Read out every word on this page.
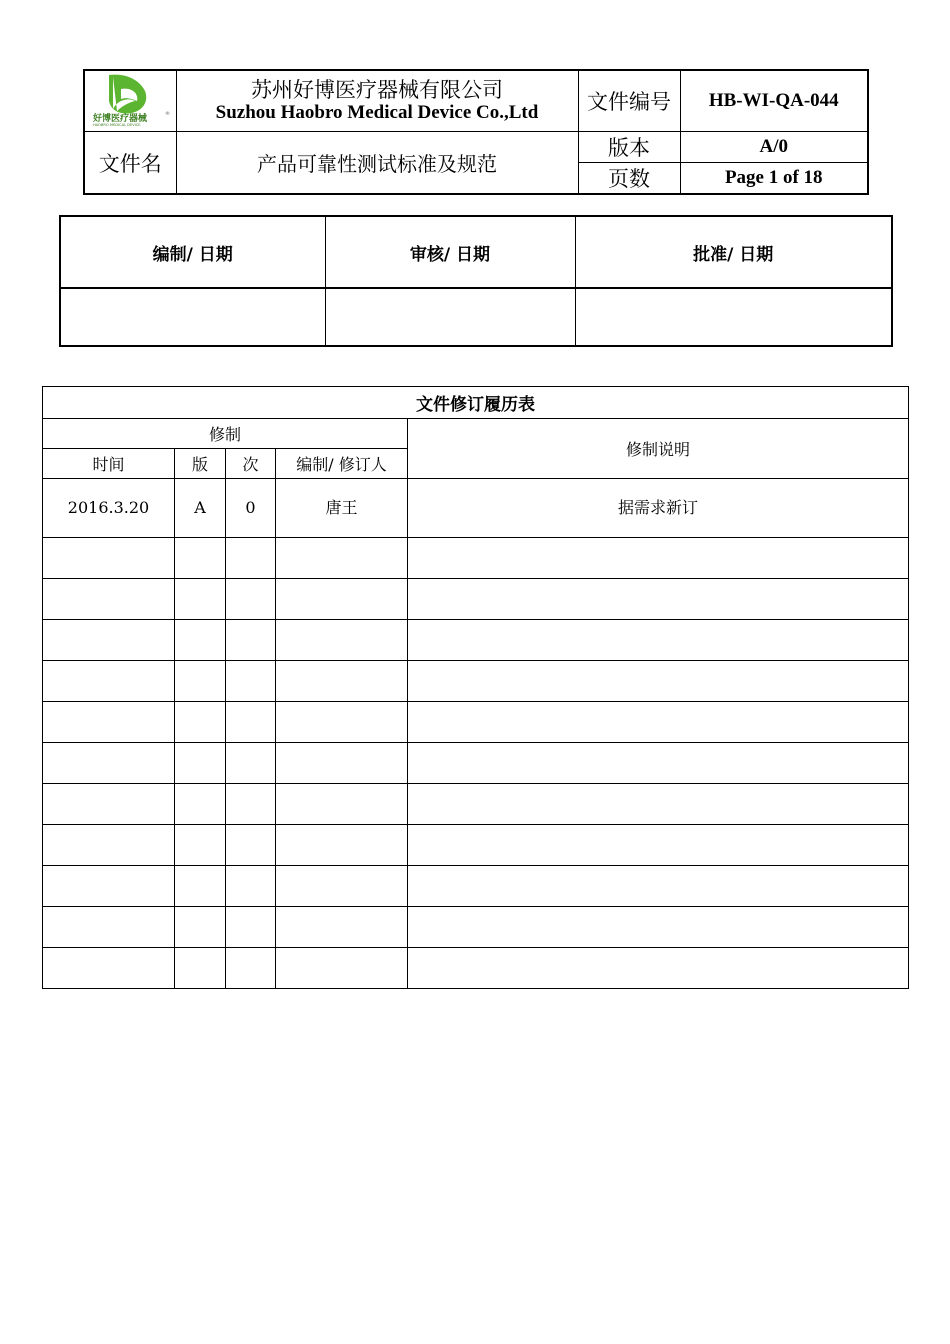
好博医疗器械
HAOBRO MEDICAL DEVICE
®	苏州好博医疗器械有限公司
Suzhou Haobro Medical Device Co.,Ltd	文件编号	HB-WI-QA-044
文件名	产品可靠性测试标准及规范	版本	A/0
		页数	Page 1 of 18
编制/ 日期	审核/ 日期	批准/ 日期

文件修订履历表				
修制				修制说明
时间	版	次	编制/ 修订人	

2016.3.20	A	0	唐王	据需求新订
